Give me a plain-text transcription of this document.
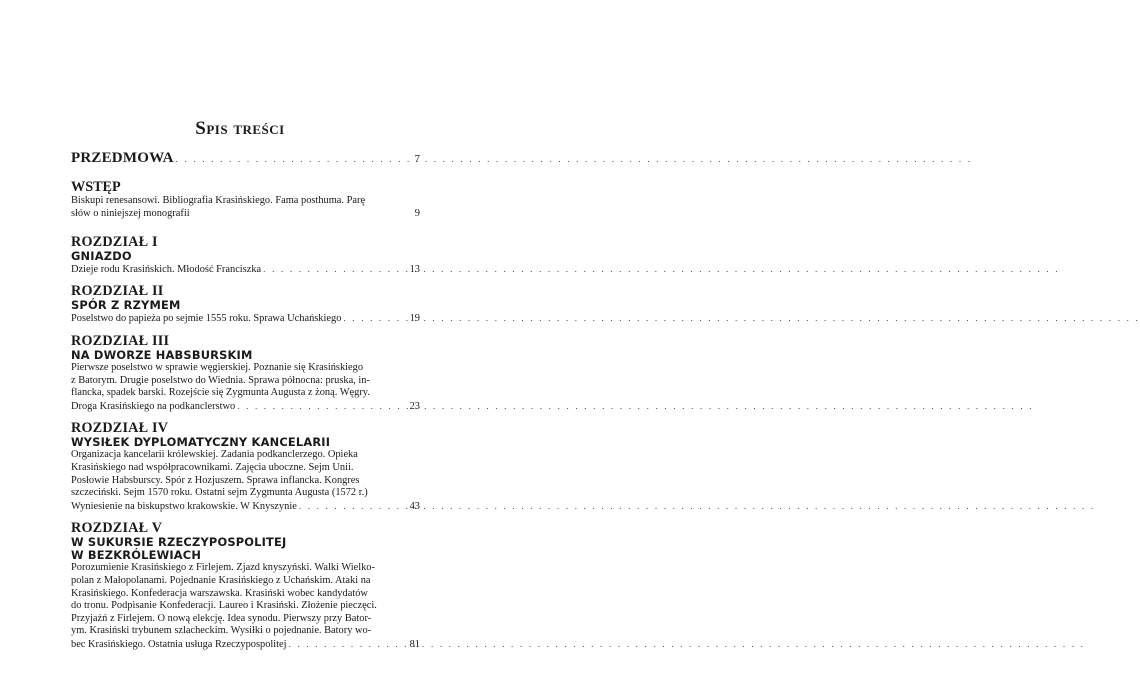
Spis treści
PRZEDMOWA . . .	7
WSTĘP
Biskupi renesansowi. Bibliografia Krasińskiego. Fama posthuma. Parę
słów o niniejszej monografii	9
ROZDZIAŁ I
GNIAZDO
Dzieje rodu Krasińskich. Młodość Franciszka . . .	13
ROZDZIAŁ II
SPÓR Z RZYMEM
Poselstwo do papieża po sejmie 1555 roku. Sprawa Uchańskiego . . .	19
ROZDZIAŁ III
NA DWORZE HABSBURSKIM
Pierwsze poselstwo w sprawie węgierskiej. Poznanie się Krasińskiego
z Batorym. Drugie poselstwo do Wiednia. Sprawa północna: pruska, in-
flancka, spadek barski. Rozejście się Zygmunta Augusta z żoną. Węgry.
Droga Krasińskiego na podkanclerstwo . . .	23
ROZDZIAŁ IV
WYSIŁEK DYPLOMATYCZNY KANCELARII
Organizacja kancelarii królewskiej. Zadania podkanclerzego. Opieka
Krasińskiego nad współpracownikami. Zajęcia uboczne. Sejm Unii.
Posłowie Habsburscy. Spór z Hozjuszem. Sprawa inflancka. Kongres
szczeciński. Sejm 1570 roku. Ostatni sejm Zygmunta Augusta (1572 r.)
Wyniesienie na biskupstwo krakowskie. W Knyszynie . . .	43
ROZDZIAŁ V
W SUKURSIE RZECZYPOSPOLITEJ
W BEZKRÓLEWIACH
Porozumienie Krasińskiego z Firlejem. Zjazd knyszyński. Walki Wielko-
polan z Małopolanami. Pojednanie Krasińskiego z Uchańskim. Ataki na
Krasińskiego. Konfederacja warszawska. Krasiński wobec kandydatów
do tronu. Podpisanie Konfederacji. Laureo i Krasiński. Złożenie pieczęci.
Przyjaźń z Firlejem. O nową elekcję. Idea synodu. Pierwszy przy Bator-
ym. Krasiński trybunem szlacheckim. Wysiłki o pojednanie. Batory wo-
bec Krasińskiego. Ostatnia usługa Rzeczypospolitej . . .	81
